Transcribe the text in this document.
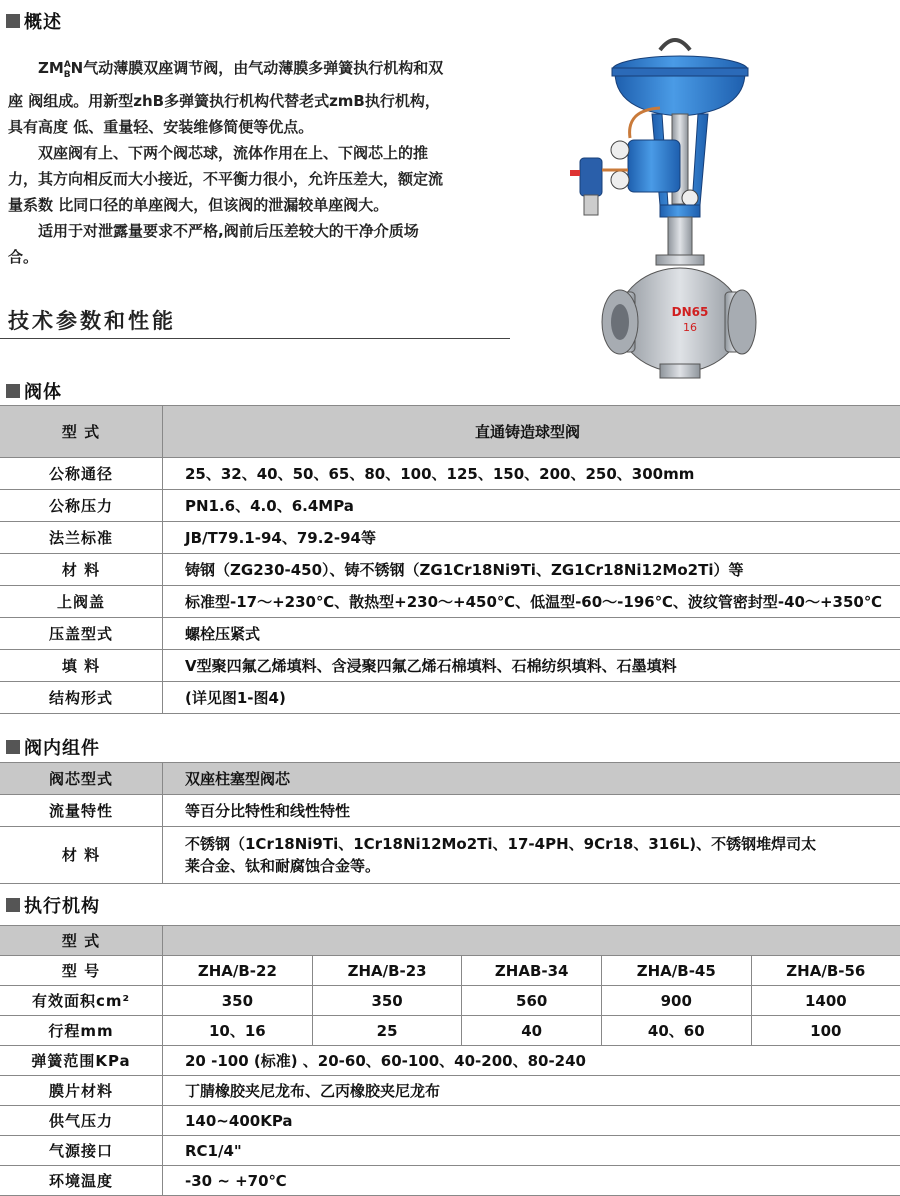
概述

$ZM^A_BN$气动薄膜双座调节阀，由气动薄膜多弹簧执行机构和双座 阀组成。用新型zhB多弹簧执行机构代替老式zmB执行机构，具有高度 低、重量轻、安装维修简便等优点。

双座阀有上、下两个阀芯球，流体作用在上、下阀芯上的推力，其方向相反而大小接近，不平衡力很小，允许压差大，额定流量系数 比同口径的单座阀大，但该阀的泄漏较单座阀大。

适用于对泄露量要求不严格,阀前后压差较大的干净介质场合。

技术参数和性能	DN65
16
阀体
型 式	直通铸造球型阀
公称通径	25、32、40、50、65、80、100、125、150、200、250、300mm
公称压力	PN1.6、4.0、6.4MPa
法兰标准	JB/T79.1-94、79.2-94等
材 料	铸钢（ZG230-450）、铸不锈钢（ZG1Cr18Ni9Ti、ZG1Cr18Ni12Mo2Ti）等
上阀盖	标准型-17～+230℃、散热型+230～+450℃、低温型-60～-196℃、波纹管密封型-40～+350℃
压盖型式	螺栓压紧式
填 料	V型聚四氟乙烯填料、含浸聚四氟乙烯石棉填料、石棉纺织填料、石墨填料
结构形式	(详见图1-图4)
阀内组件
阀芯型式	双座柱塞型阀芯
流量特性	等百分比特性和线性特性
材 料	不锈钢（1Cr18Ni9Ti、1Cr18Ni12Mo2Ti、17-4PH、9Cr18、316L)、不锈钢堆焊司太莱合金、钛和耐腐蚀合金等。
执行机构
型 式					
型 号	ZHA/B-22	ZHA/B-23	ZHAB-34	ZHA/B-45	ZHA/B-56
有效面积cm²	350	350	560	900	1400
行程mm	10、16	25	40	40、60	100
弹簧范围KPa	20 -100 (标准) 、20-60、60-100、40-200、80-240				
膜片材料	丁腈橡胶夹尼龙布、乙丙橡胶夹尼龙布				
供气压力	140~400KPa				
气源接口	RC1/4"				
环境温度	-30 ~ +70℃				
